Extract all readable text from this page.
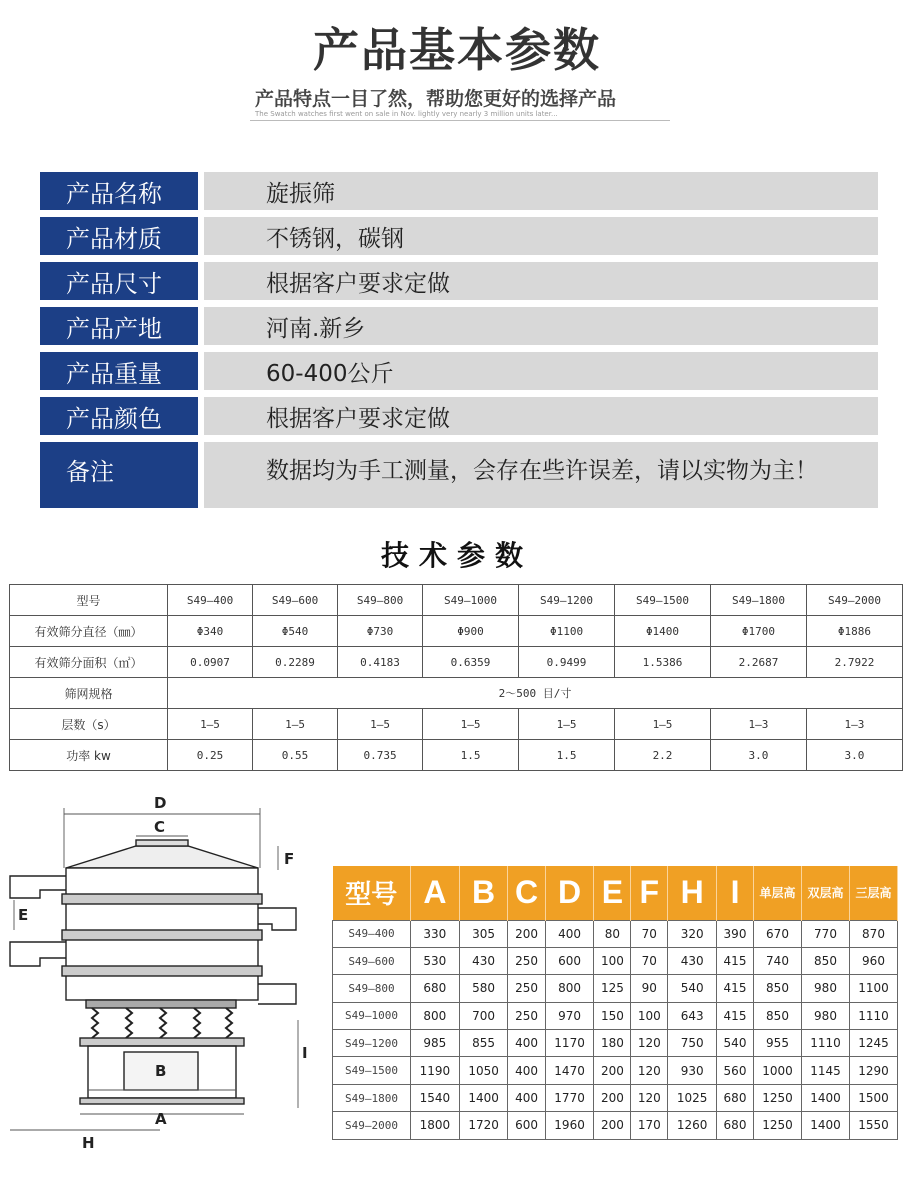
产品基本参数
产品特点一目了然，帮助您更好的选择产品
The Swatch watches first went on sale in Nov. lightly very nearly 3 million units later...
产品名称	旋振筛
产品材质	不锈钢，碳钢
产品尺寸	根据客户要求定做
产品产地	河南.新乡
产品重量	60-400公斤
产品颜色	根据客户要求定做
备注	数据均为手工测量，会存在些许误差，请以实物为主！
技术参数
型号	S49—400	S49—600	S49—800	S49—1000	S49—1200	S49—1500	S49—1800	S49—2000
有效筛分直径（㎜）	Φ340	Φ540	Φ730	Φ900	Φ1100	Φ1400	Φ1700	Φ1886
有效筛分面积（㎡）	0.0907	0.2289	0.4183	0.6359	0.9499	1.5386	2.2687	2.7922
筛网规格	2～500 目/寸							
层数（s）	1—5	1—5	1—5	1—5	1—5	1—5	1—3	1—3
功率 kw	0.25	0.55	0.735	1.5	1.5	2.2	3.0	3.0
D
C
F
E
B
A
H
I
型号	A	B	C	D	E	F	H	I	单层高	双层高	三层高
S49—400	330	305	200	400	80	70	320	390	670	770	870
S49—600	530	430	250	600	100	70	430	415	740	850	960
S49—800	680	580	250	800	125	90	540	415	850	980	1100
S49—1000	800	700	250	970	150	100	643	415	850	980	1110
S49—1200	985	855	400	1170	180	120	750	540	955	1110	1245
S49—1500	1190	1050	400	1470	200	120	930	560	1000	1145	1290
S49—1800	1540	1400	400	1770	200	120	1025	680	1250	1400	1500
S49—2000	1800	1720	600	1960	200	170	1260	680	1250	1400	1550
